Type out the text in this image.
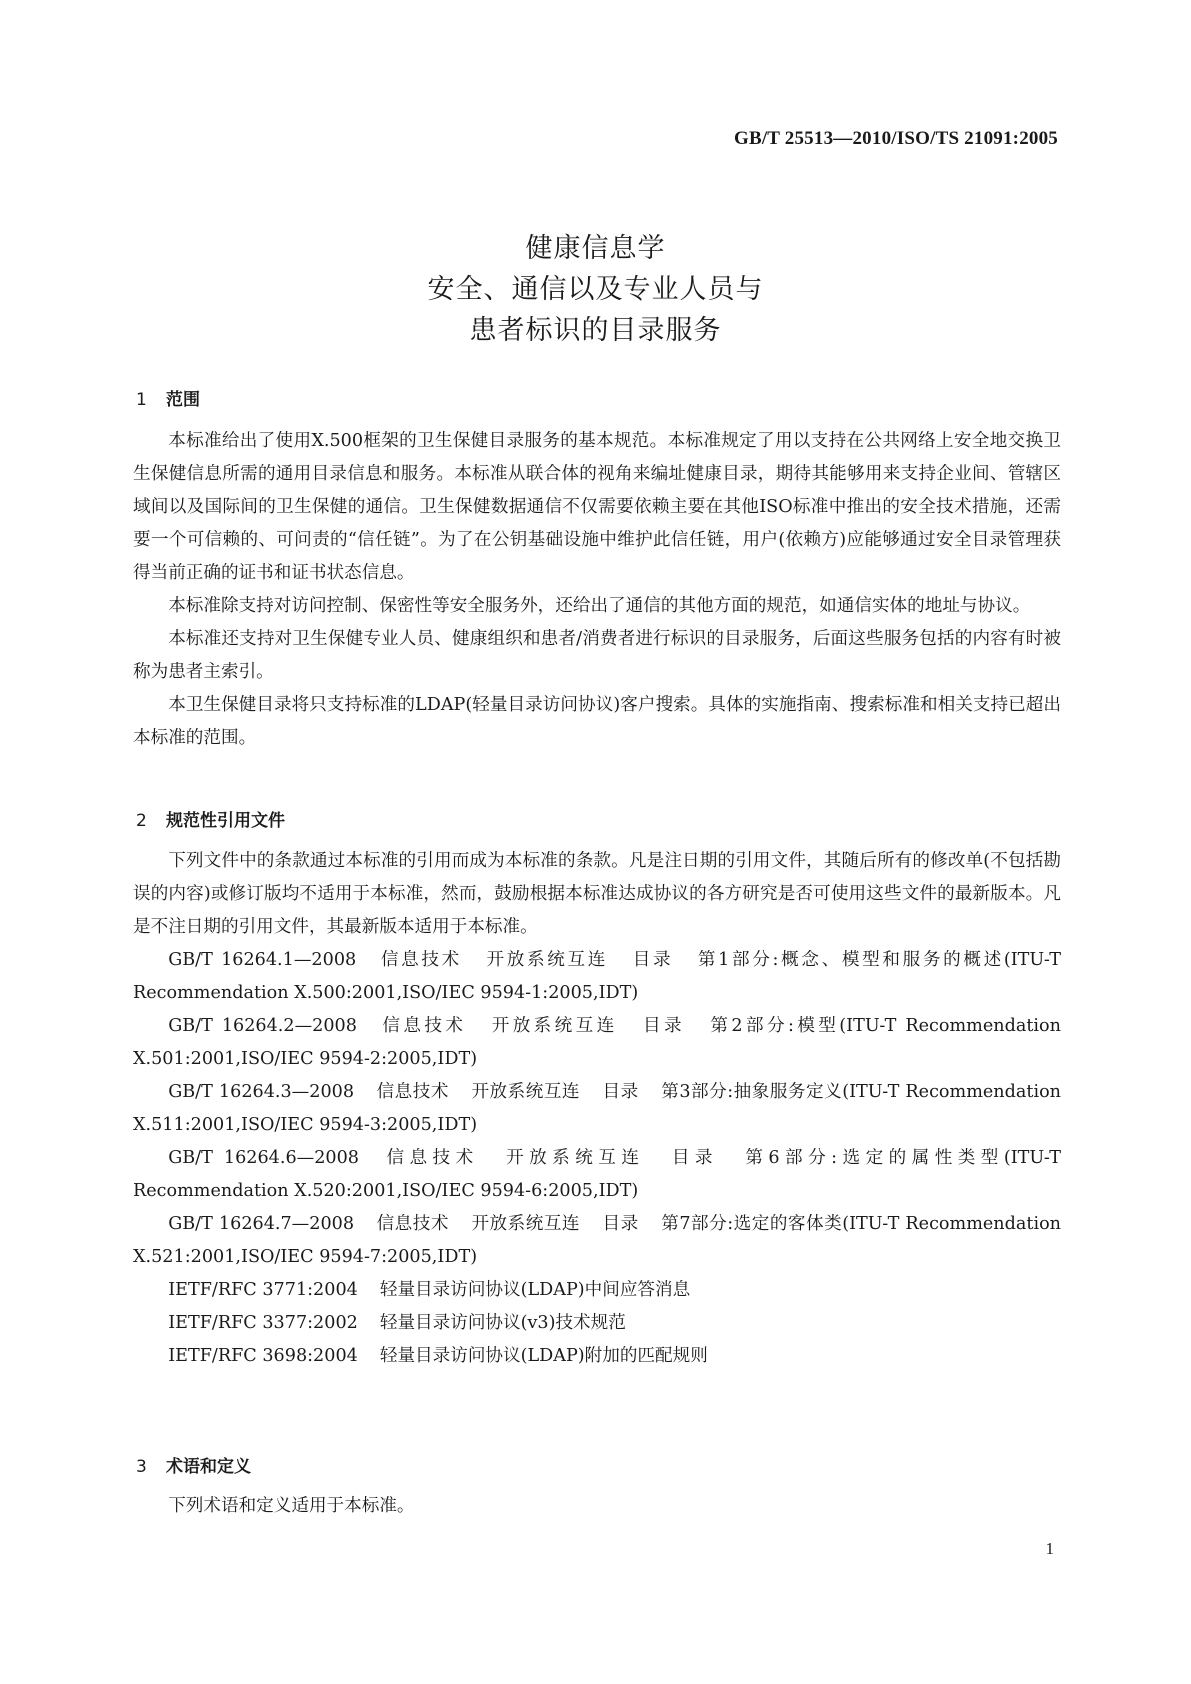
GB/T 25513—2010/ISO/TS 21091:2005
健康信息学
安全、通信以及专业人员与
患者标识的目录服务
1 范围

本标准给出了使用X.500框架的卫生保健目录服务的基本规范。本标准规定了用以支持在公共网络上安全地交换卫生保健信息所需的通用目录信息和服务。本标准从联合体的视角来编址健康目录，期待其能够用来支持企业间、管辖区域间以及国际间的卫生保健的通信。卫生保健数据通信不仅需要依赖主要在其他ISO标准中推出的安全技术措施，还需要一个可信赖的、可问责的“信任链”。为了在公钥基础设施中维护此信任链，用户(依赖方)应能够通过安全目录管理获得当前正确的证书和证书状态信息。

本标准除支持对访问控制、保密性等安全服务外，还给出了通信的其他方面的规范，如通信实体的地址与协议。

本标准还支持对卫生保健专业人员、健康组织和患者/消费者进行标识的目录服务，后面这些服务包括的内容有时被称为患者主索引。

本卫生保健目录将只支持标准的LDAP(轻量目录访问协议)客户搜索。具体的实施指南、搜索标准和相关支持已超出本标准的范围。

2 规范性引用文件

下列文件中的条款通过本标准的引用而成为本标准的条款。凡是注日期的引用文件，其随后所有的修改单(不包括勘误的内容)或修订版均不适用于本标准，然而，鼓励根据本标准达成协议的各方研究是否可使用这些文件的最新版本。凡是不注日期的引用文件，其最新版本适用于本标准。

GB/T 16264.1—2008 信息技术 开放系统互连 目录 第1部分:概念、模型和服务的概述(ITU-T Recommendation X.500:2001,ISO/IEC 9594-1:2005,IDT)
GB/T 16264.2—2008 信息技术 开放系统互连 目录 第2部分:模型(ITU-T Recommendation X.501:2001,ISO/IEC 9594-2:2005,IDT)
GB/T 16264.3—2008 信息技术 开放系统互连 目录 第3部分:抽象服务定义(ITU-T Recommendation X.511:2001,ISO/IEC 9594-3:2005,IDT)
GB/T 16264.6—2008 信息技术 开放系统互连 目录 第6部分:选定的属性类型(ITU-T Recommendation X.520:2001,ISO/IEC 9594-6:2005,IDT)
GB/T 16264.7—2008 信息技术 开放系统互连 目录 第7部分:选定的客体类(ITU-T Recommendation X.521:2001,ISO/IEC 9594-7:2005,IDT)
IETF/RFC 3771:2004 轻量目录访问协议(LDAP)中间应答消息
IETF/RFC 3377:2002 轻量目录访问协议(v3)技术规范
IETF/RFC 3698:2004 轻量目录访问协议(LDAP)附加的匹配规则
3 术语和定义

下列术语和定义适用于本标准。

1
